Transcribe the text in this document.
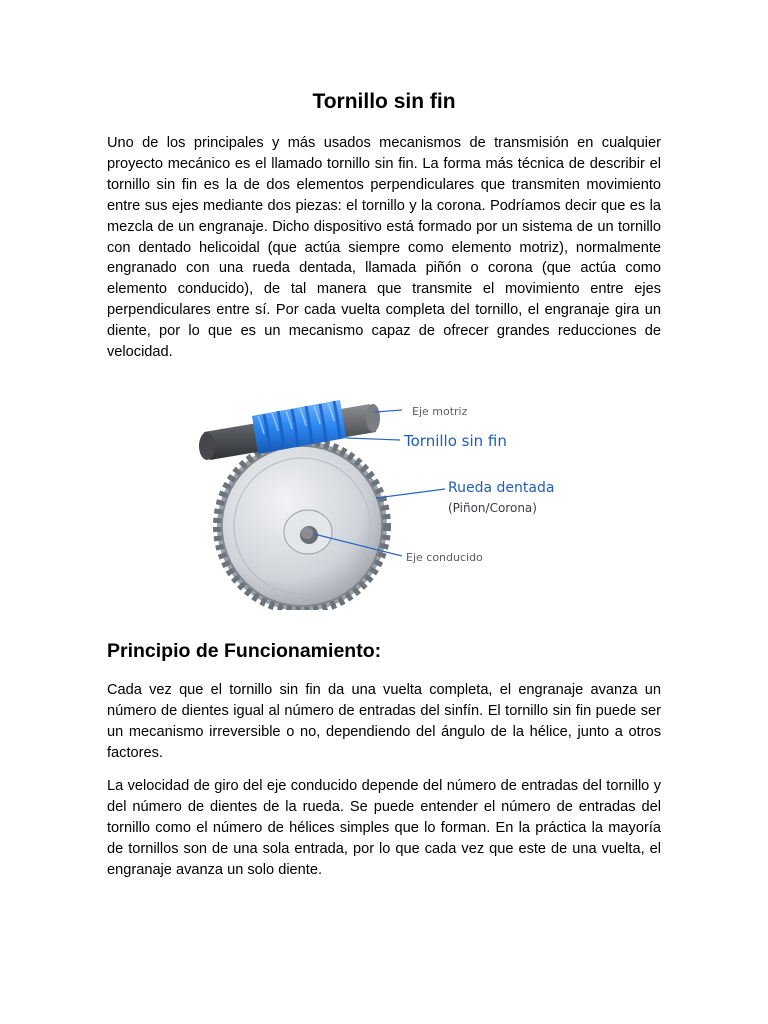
Tornillo sin fin

Uno de los principales y más usados mecanismos de transmisión en cualquier proyecto mecánico es el llamado tornillo sin fin. La forma más técnica de describir el tornillo sin fin es la de dos elementos perpendiculares que transmiten movimiento entre sus ejes mediante dos piezas: el tornillo y la corona. Podríamos decir que es la mezcla de un engranaje. Dicho dispositivo está formado por un sistema de un tornillo con dentado helicoidal (que actúa siempre como elemento motriz), normalmente engranado con una rueda dentada, llamada piñón o corona (que actúa como elemento conducido), de tal manera que transmite el movimiento entre ejes perpendiculares entre sí. Por cada vuelta completa del tornillo, el engranaje gira un diente, por lo que es un mecanismo capaz de ofrecer grandes reducciones de velocidad.

Eje motriz
Tornillo sin fin
Rueda dentada
(Piñon/Corona)
Eje conducido
Principio de Funcionamiento:

Cada vez que el tornillo sin fin da una vuelta completa, el engranaje avanza un número de dientes igual al número de entradas del sinfín. El tornillo sin fin puede ser un mecanismo irreversible o no, dependiendo del ángulo de la hélice, junto a otros factores.

La velocidad de giro del eje conducido depende del número de entradas del tornillo y del número de dientes de la rueda. Se puede entender el número de entradas del tornillo como el número de hélices simples que lo forman. En la práctica la mayoría de tornillos son de una sola entrada, por lo que cada vez que este de una vuelta, el engranaje avanza un solo diente.
